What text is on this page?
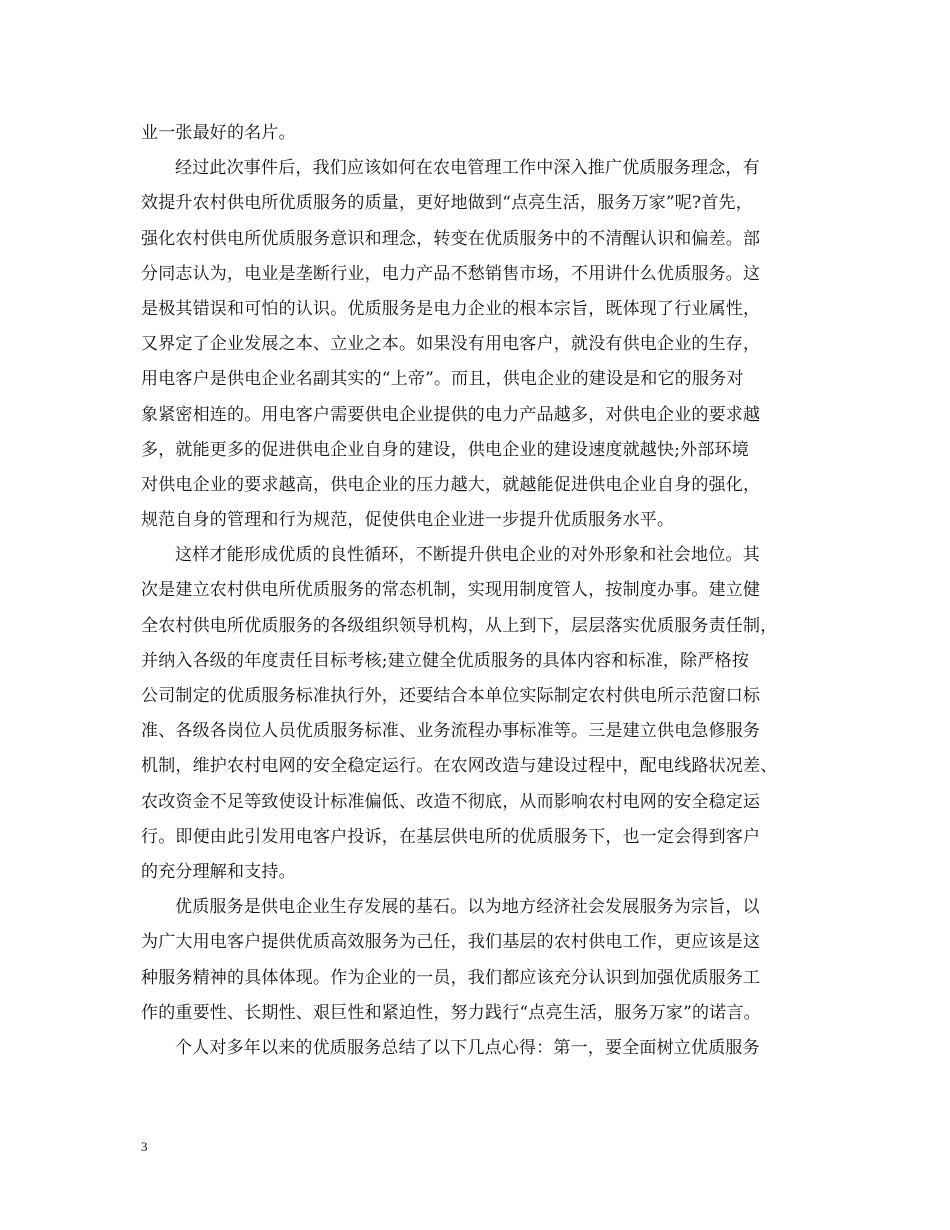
业一张最好的名片。
经过此次事件后，我们应该如何在农电管理工作中深入推广优质服务理念，有
效提升农村供电所优质服务的质量，更好地做到“点亮生活，服务万家”呢?首先，
强化农村供电所优质服务意识和理念，转变在优质服务中的不清醒认识和偏差。部
分同志认为，电业是垄断行业，电力产品不愁销售市场，不用讲什么优质服务。这
是极其错误和可怕的认识。优质服务是电力企业的根本宗旨，既体现了行业属性，
又界定了企业发展之本、立业之本。如果没有用电客户，就没有供电企业的生存，
用电客户是供电企业名副其实的“上帝”。而且，供电企业的建设是和它的服务对
象紧密相连的。用电客户需要供电企业提供的电力产品越多，对供电企业的要求越
多，就能更多的促进供电企业自身的建设，供电企业的建设速度就越快;外部环境
对供电企业的要求越高，供电企业的压力越大，就越能促进供电企业自身的强化，
规范自身的管理和行为规范，促使供电企业进一步提升优质服务水平。
这样才能形成优质的良性循环，不断提升供电企业的对外形象和社会地位。其
次是建立农村供电所优质服务的常态机制，实现用制度管人，按制度办事。建立健
全农村供电所优质服务的各级组织领导机构，从上到下，层层落实优质服务责任制，
并纳入各级的年度责任目标考核;建立健全优质服务的具体内容和标准，除严格按
公司制定的优质服务标准执行外，还要结合本单位实际制定农村供电所示范窗口标
准、各级各岗位人员优质服务标准、业务流程办事标准等。三是建立供电急修服务
机制，维护农村电网的安全稳定运行。在农网改造与建设过程中，配电线路状况差、
农改资金不足等致使设计标准偏低、改造不彻底，从而影响农村电网的安全稳定运
行。即便由此引发用电客户投诉，在基层供电所的优质服务下，也一定会得到客户
的充分理解和支持。
优质服务是供电企业生存发展的基石。以为地方经济社会发展服务为宗旨，以
为广大用电客户提供优质高效服务为己任，我们基层的农村供电工作，更应该是这
种服务精神的具体体现。作为企业的一员，我们都应该充分认识到加强优质服务工
作的重要性、长期性、艰巨性和紧迫性，努力践行“点亮生活，服务万家”的诺言。
个人对多年以来的优质服务总结了以下几点心得：第一，要全面树立优质服务
3
